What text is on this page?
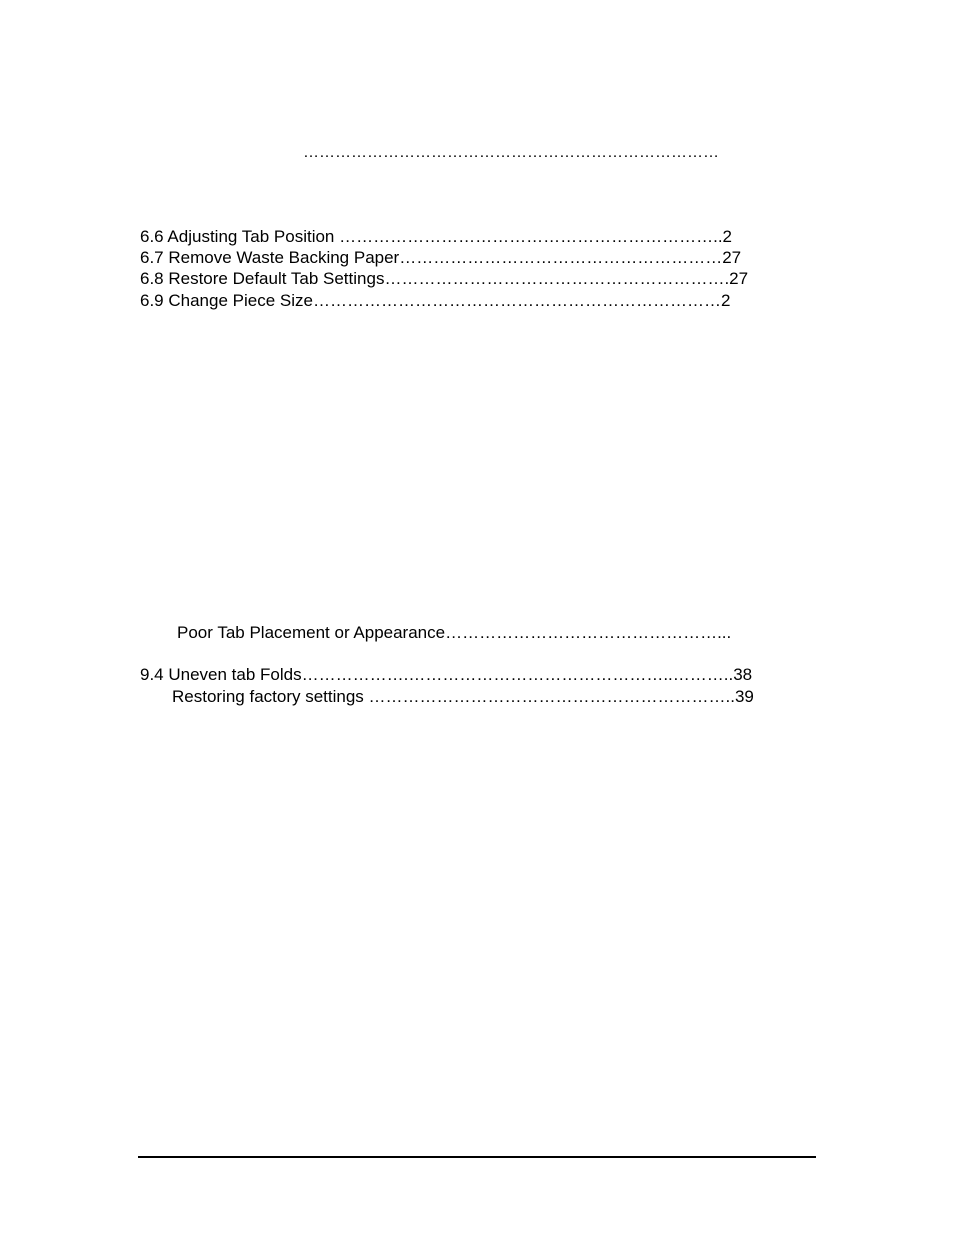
……………………………………………………………………
6.6 Adjusting Tab Position …………………………………………………………..2
6.7 Remove Waste Backing Paper…………………………………………………27
6.8 Restore Default Tab Settings…………………………………………………….27
6.9 Change Piece Size………………………………………………………………2
Poor Tab Placement or Appearance…………………………………………...
9.4 Uneven tab Folds……………….………………………………………..………..38
Restoring factory settings ………………………………………………………..39
